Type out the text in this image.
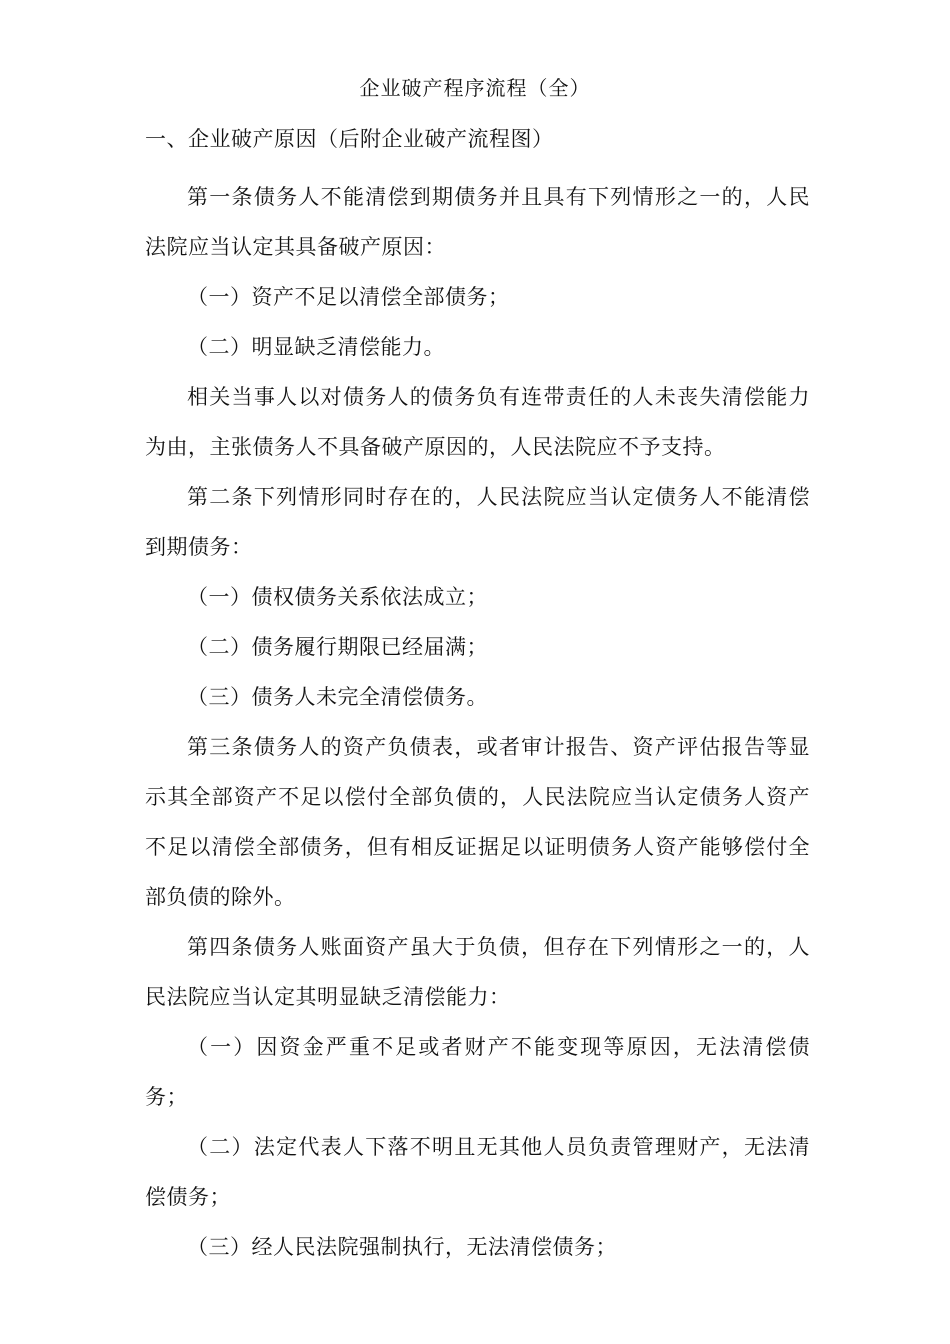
企业破产程序流程（全）

一、企业破产原因（后附企业破产流程图）

第一条债务人不能清偿到期债务并且具有下列情形之一的，人民法院应当认定其具备破产原因：

（一）资产不足以清偿全部债务；

（二）明显缺乏清偿能力。

相关当事人以对债务人的债务负有连带责任的人未丧失清偿能力为由，主张债务人不具备破产原因的，人民法院应不予支持。

第二条下列情形同时存在的，人民法院应当认定债务人不能清偿到期债务：

（一）债权债务关系依法成立；

（二）债务履行期限已经届满；

（三）债务人未完全清偿债务。

第三条债务人的资产负债表，或者审计报告、资产评估报告等显示其全部资产不足以偿付全部负债的，人民法院应当认定债务人资产不足以清偿全部债务，但有相反证据足以证明债务人资产能够偿付全部负债的除外。

第四条债务人账面资产虽大于负债，但存在下列情形之一的，人民法院应当认定其明显缺乏清偿能力：

（一）因资金严重不足或者财产不能变现等原因，无法清偿债务；

（二）法定代表人下落不明且无其他人员负责管理财产，无法清偿债务；

（三）经人民法院强制执行，无法清偿债务；
